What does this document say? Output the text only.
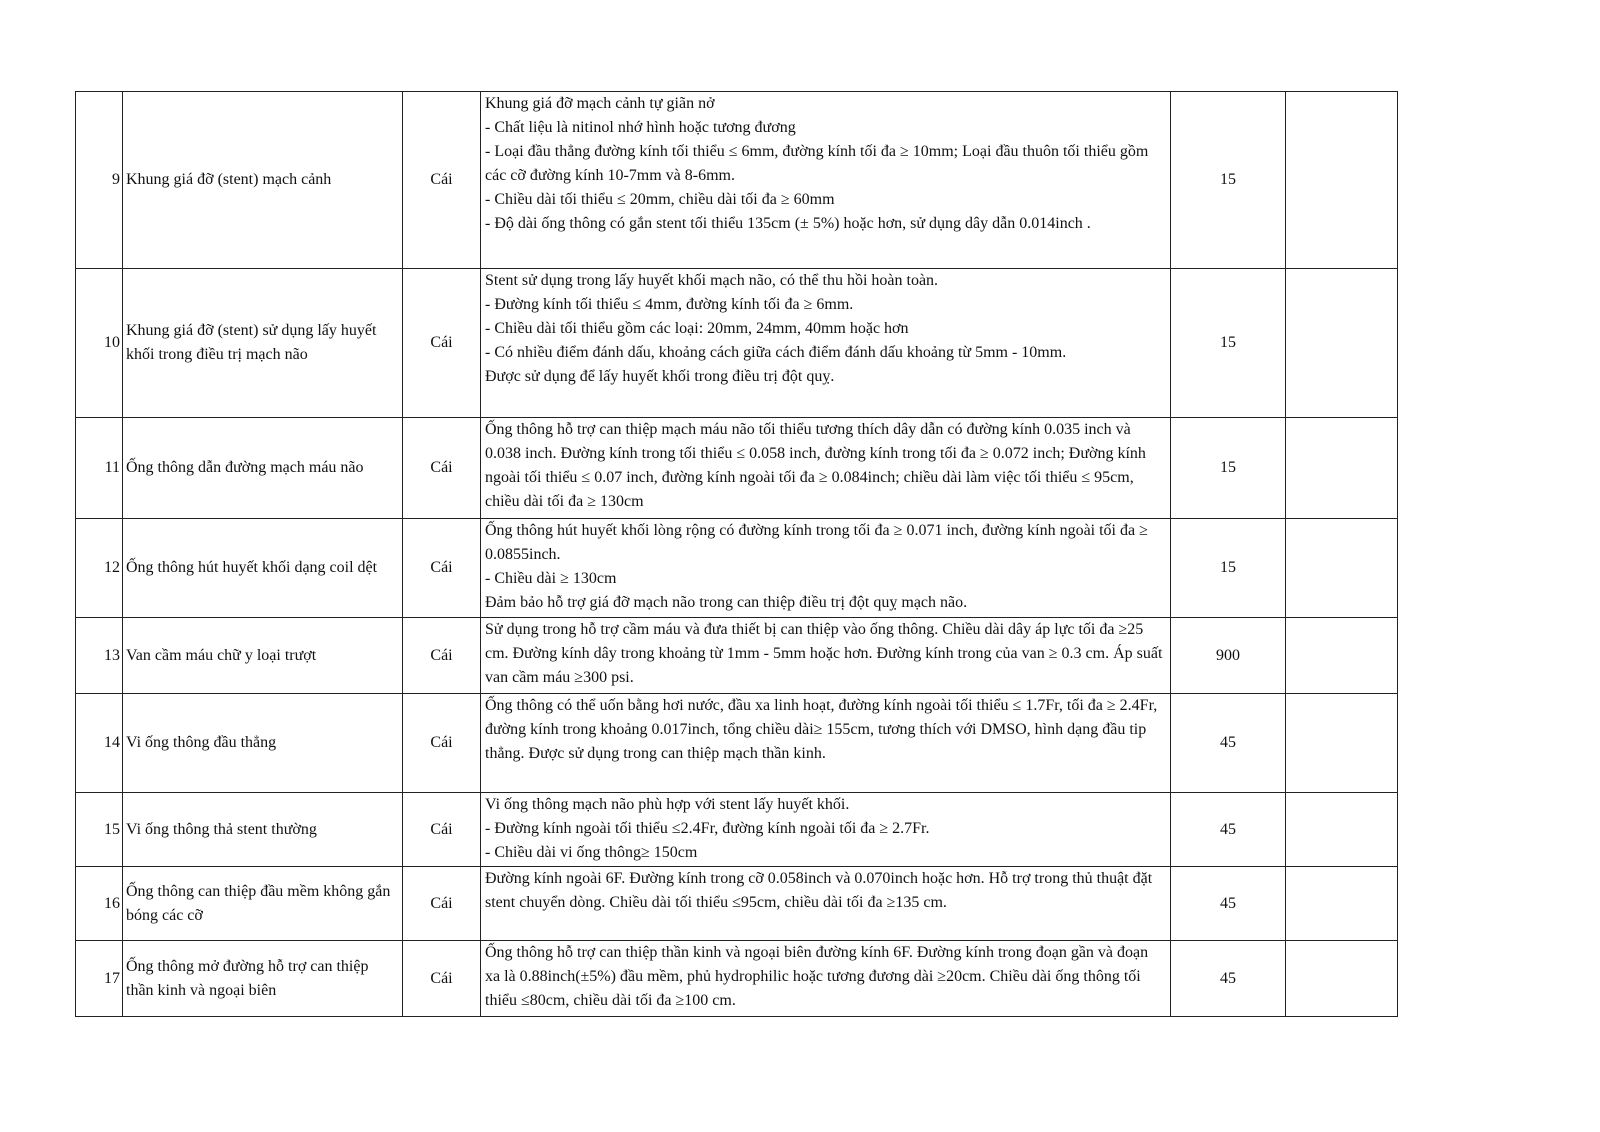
9	Khung giá đỡ (stent) mạch cảnh	Cái	Khung giá đỡ mạch cảnh tự giãn nở
- Chất liệu là nitinol nhớ hình hoặc tương đương
- Loại đầu thẳng đường kính tối thiểu ≤ 6mm, đường kính tối đa ≥ 10mm; Loại đầu thuôn tối thiểu gồm các cỡ đường kính 10-7mm và 8-6mm.
- Chiều dài tối thiểu ≤ 20mm, chiều dài tối đa ≥ 60mm
- Độ dài ống thông có gắn stent tối thiểu 135cm (± 5%) hoặc hơn, sử dụng dây dẫn 0.014inch .	15	
10	Khung giá đỡ (stent) sử dụng lấy huyết khối trong điều trị mạch não	Cái	Stent sử dụng trong lấy huyết khối mạch não, có thể thu hồi hoàn toàn.
- Đường kính tối thiểu ≤ 4mm, đường kính tối đa ≥ 6mm.
- Chiều dài tối thiểu gồm các loại: 20mm, 24mm, 40mm hoặc hơn
- Có nhiều điểm đánh dấu, khoảng cách giữa cách điểm đánh dấu khoảng từ 5mm - 10mm.
Được sử dụng để lấy huyết khối trong điều trị đột quỵ.	15	
11	Ống thông dẫn đường mạch máu não	Cái	Ống thông hỗ trợ can thiệp mạch máu não tối thiểu tương thích dây dẫn có đường kính 0.035 inch và 0.038 inch. Đường kính trong tối thiểu ≤ 0.058 inch, đường kính trong tối đa ≥ 0.072 inch; Đường kính ngoài tối thiểu ≤ 0.07 inch, đường kính ngoài tối đa ≥ 0.084inch; chiều dài làm việc tối thiểu ≤ 95cm, chiều dài tối đa ≥ 130cm	15	
12	Ống thông hút huyết khối dạng coil dệt	Cái	Ống thông hút huyết khối lòng rộng có đường kính trong tối đa ≥ 0.071 inch, đường kính ngoài tối đa ≥ 0.0855inch.
- Chiều dài ≥ 130cm
Đảm bảo hỗ trợ giá đỡ mạch não trong can thiệp điều trị đột quỵ mạch não.	15	
13	Van cầm máu chữ y loại trượt	Cái	Sử dụng trong hỗ trợ cầm máu và đưa thiết bị can thiệp vào ống thông. Chiều dài dây áp lực tối đa ≥25 cm. Đường kính dây trong khoảng từ 1mm - 5mm hoặc hơn. Đường kính trong của van ≥ 0.3 cm. Áp suất van cầm máu ≥300 psi.	900	
14	Vi ống thông đầu thẳng	Cái	Ống thông có thể uốn bằng hơi nước, đầu xa linh hoạt, đường kính ngoài tối thiểu ≤ 1.7Fr, tối đa ≥ 2.4Fr, đường kính trong khoảng 0.017inch, tổng chiều dài≥ 155cm, tương thích với DMSO, hình dạng đầu tip thẳng. Được sử dụng trong can thiệp mạch thần kinh.	45	
15	Vi ống thông thả stent thường	Cái	Vi ống thông mạch não phù hợp với stent lấy huyết khối.
- Đường kính ngoài tối thiểu ≤2.4Fr, đường kính ngoài tối đa ≥ 2.7Fr.
- Chiều dài vi ống thông≥ 150cm	45	
16	Ống thông can thiệp đầu mềm không gắn bóng các cỡ	Cái	Đường kính ngoài 6F. Đường kính trong cỡ 0.058inch và 0.070inch hoặc hơn. Hỗ trợ trong thủ thuật đặt stent chuyển dòng. Chiều dài tối thiểu ≤95cm, chiều dài tối đa ≥135 cm.	45	
17	Ống thông mở đường hỗ trợ can thiệp thần kinh và ngoại biên	Cái	Ống thông hỗ trợ can thiệp thần kinh và ngoại biên đường kính 6F. Đường kính trong đoạn gần và đoạn xa là 0.88inch(±5%) đầu mềm, phủ hydrophilic hoặc tương đương dài ≥20cm. Chiều dài ống thông tối thiểu ≤80cm, chiều dài tối đa ≥100 cm.	45	
